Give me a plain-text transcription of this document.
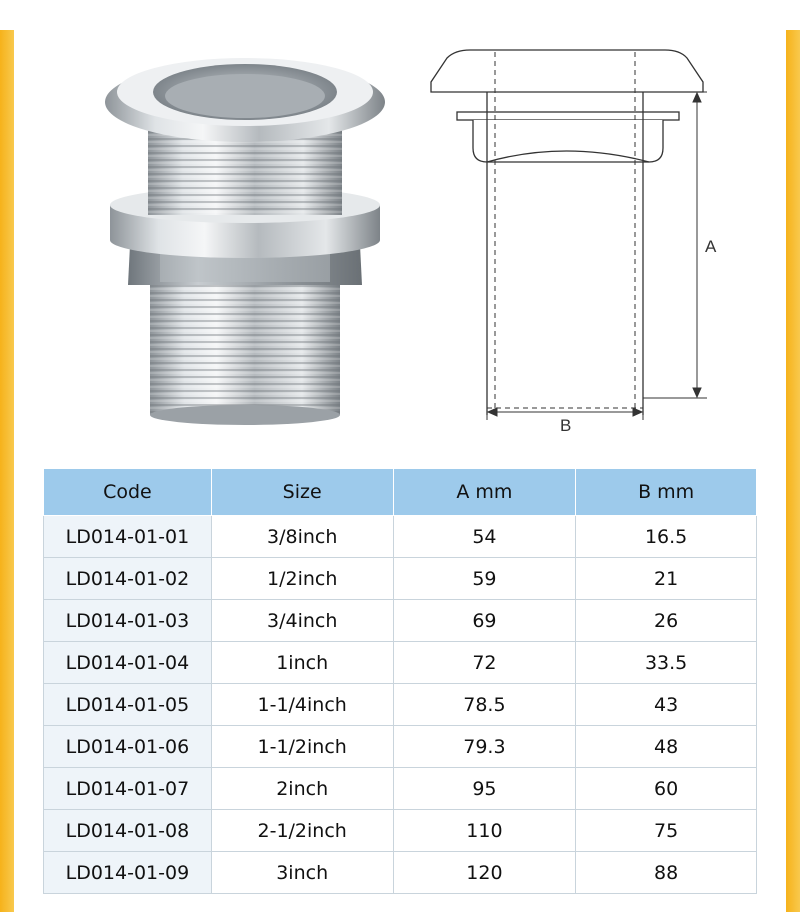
A
B
Code	Size	A mm	B mm
LD014-01-01	3/8inch	54	16.5
LD014-01-02	1/2inch	59	21
LD014-01-03	3/4inch	69	26
LD014-01-04	1inch	72	33.5
LD014-01-05	1-1/4inch	78.5	43
LD014-01-06	1-1/2inch	79.3	48
LD014-01-07	2inch	95	60
LD014-01-08	2-1/2inch	110	75
LD014-01-09	3inch	120	88
